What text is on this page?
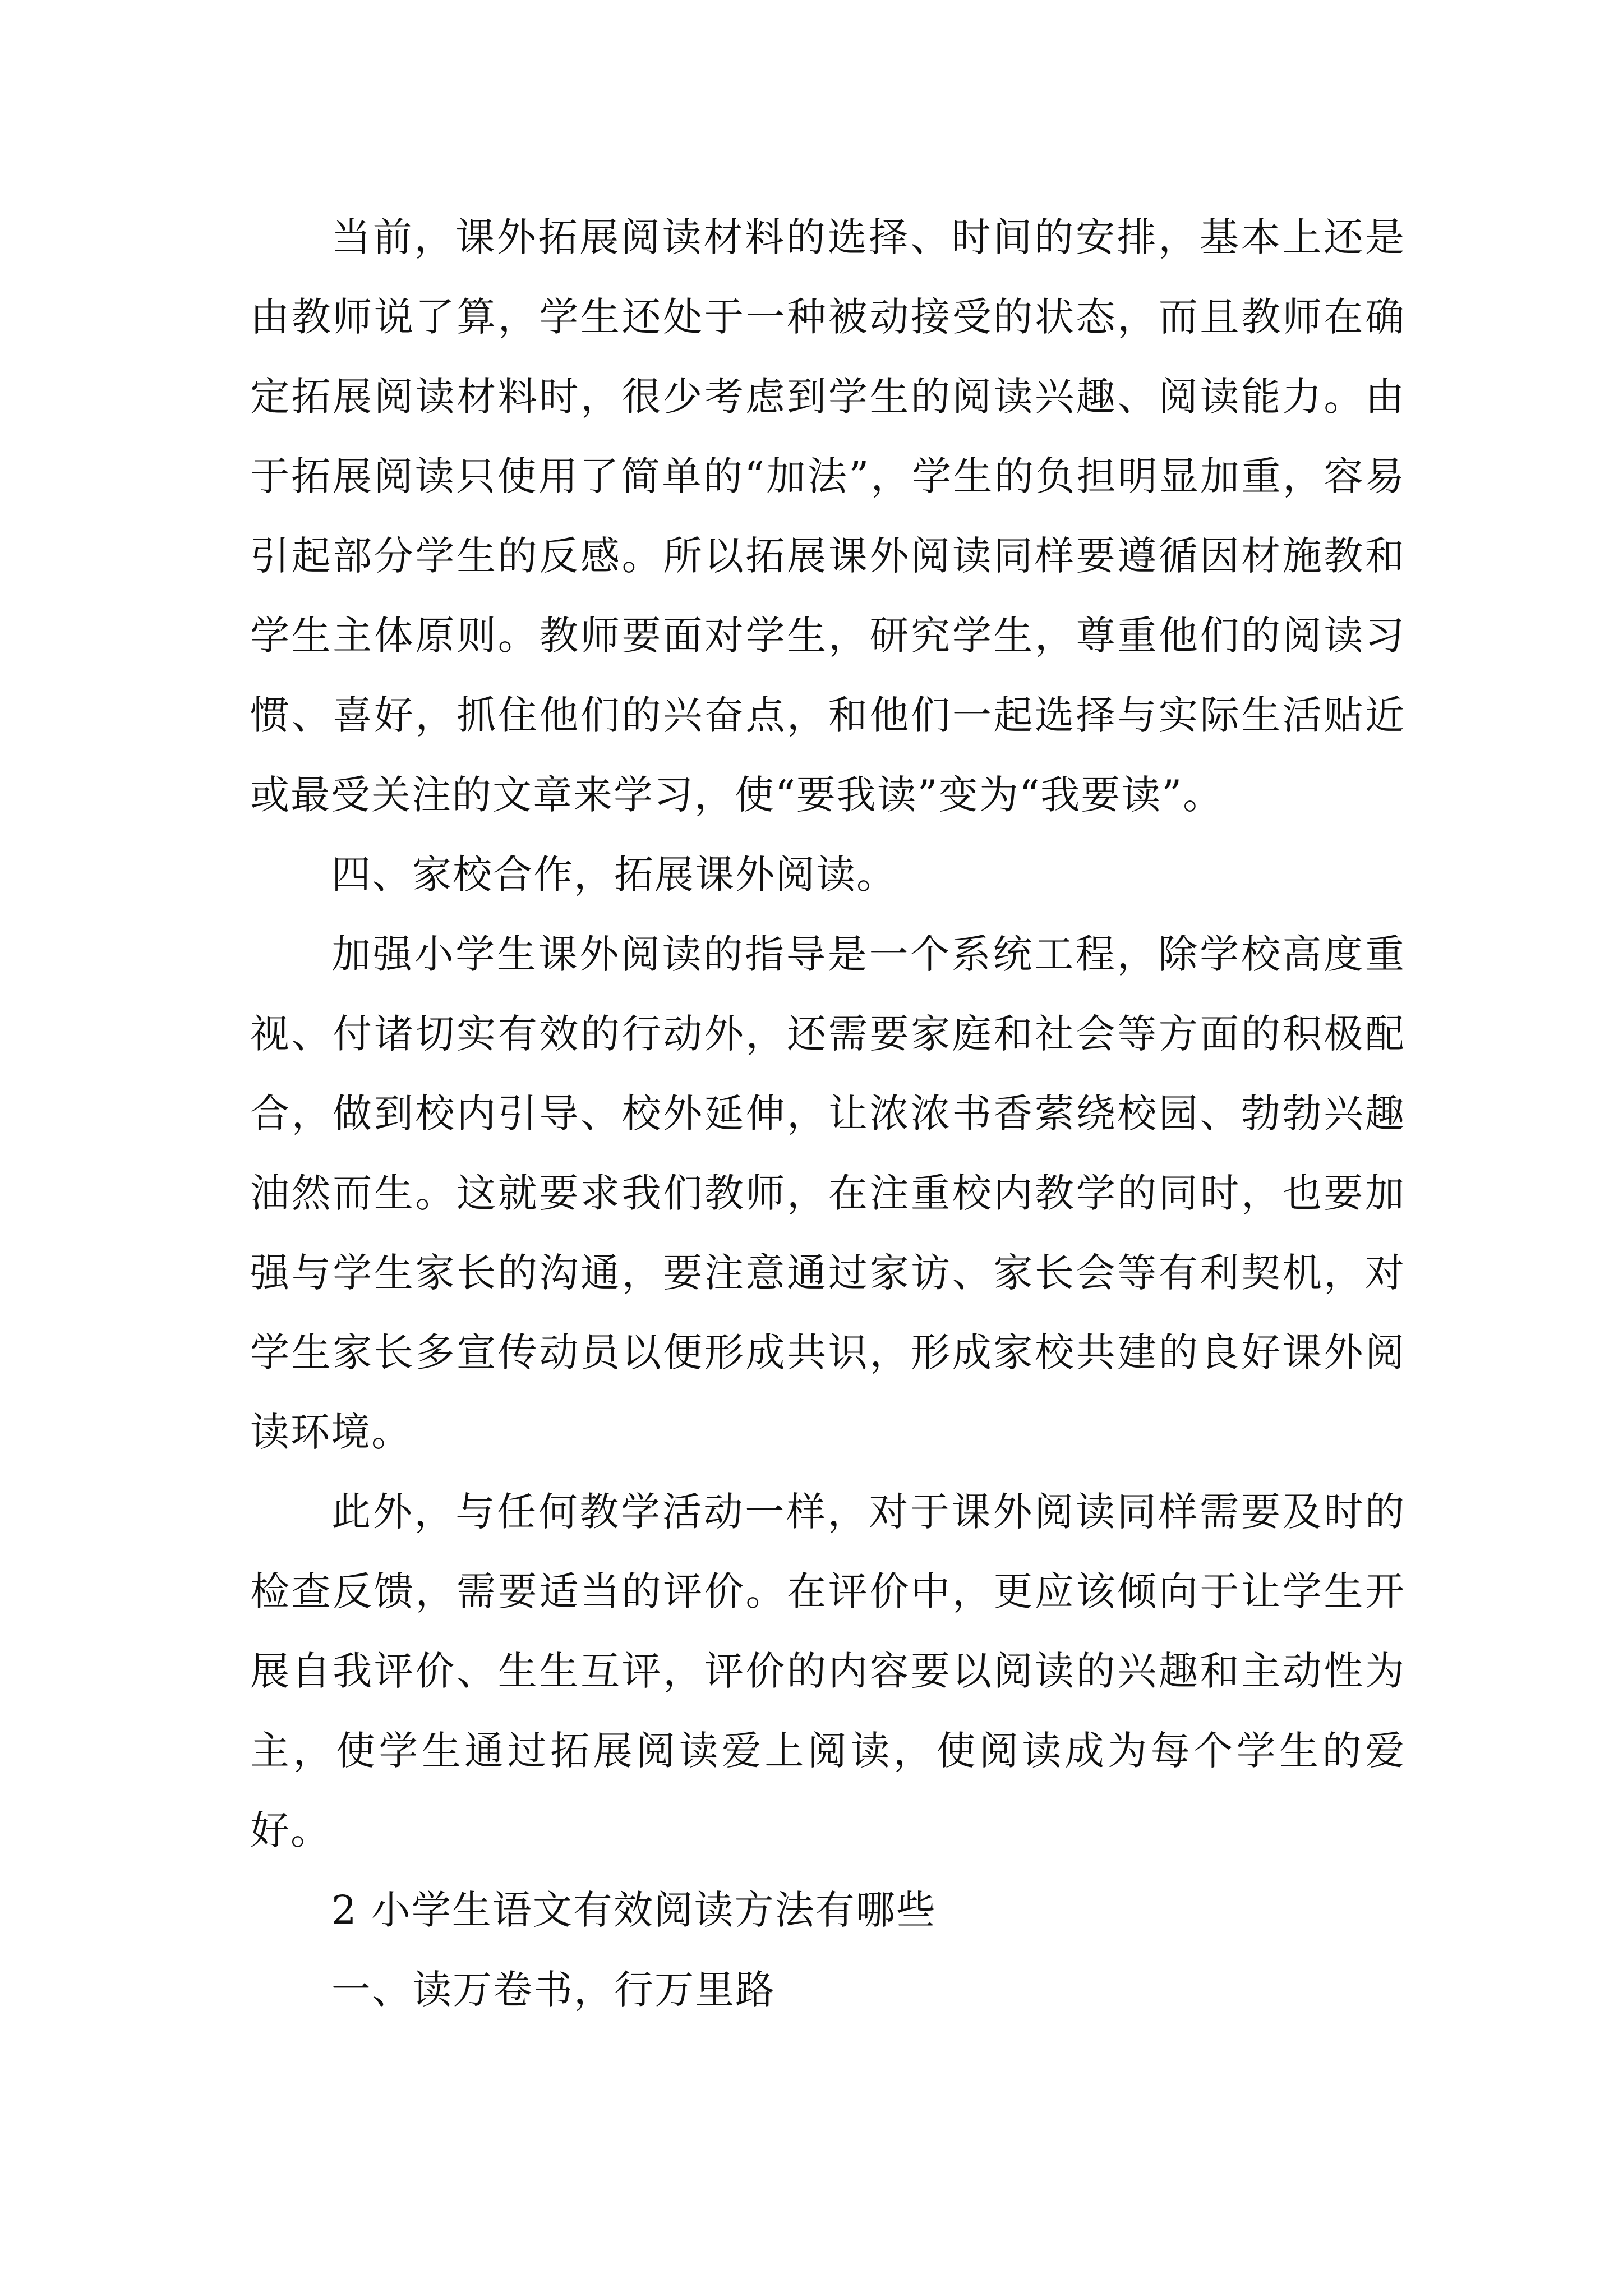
当前，课外拓展阅读材料的选择、时间的安排，基本上还是由教师说了算，学生还处于一种被动接受的状态，而且教师在确定拓展阅读材料时，很少考虑到学生的阅读兴趣、阅读能力。由于拓展阅读只使用了简单的“加法”，学生的负担明显加重，容易引起部分学生的反感。所以拓展课外阅读同样要遵循因材施教和学生主体原则。教师要面对学生，研究学生，尊重他们的阅读习惯、喜好，抓住他们的兴奋点，和他们一起选择与实际生活贴近或最受关注的文章来学习，使“要我读”变为“我要读”。

四、家校合作，拓展课外阅读。

加强小学生课外阅读的指导是一个系统工程，除学校高度重视、付诸切实有效的行动外，还需要家庭和社会等方面的积极配合，做到校内引导、校外延伸，让浓浓书香萦绕校园、勃勃兴趣油然而生。这就要求我们教师，在注重校内教学的同时，也要加强与学生家长的沟通，要注意通过家访、家长会等有利契机，对学生家长多宣传动员以便形成共识，形成家校共建的良好课外阅读环境。

此外，与任何教学活动一样，对于课外阅读同样需要及时的检查反馈，需要适当的评价。在评价中，更应该倾向于让学生开展自我评价、生生互评，评价的内容要以阅读的兴趣和主动性为主，使学生通过拓展阅读爱上阅读，使阅读成为每个学生的爱好。

2 小学生语文有效阅读方法有哪些

一、读万卷书，行万里路
